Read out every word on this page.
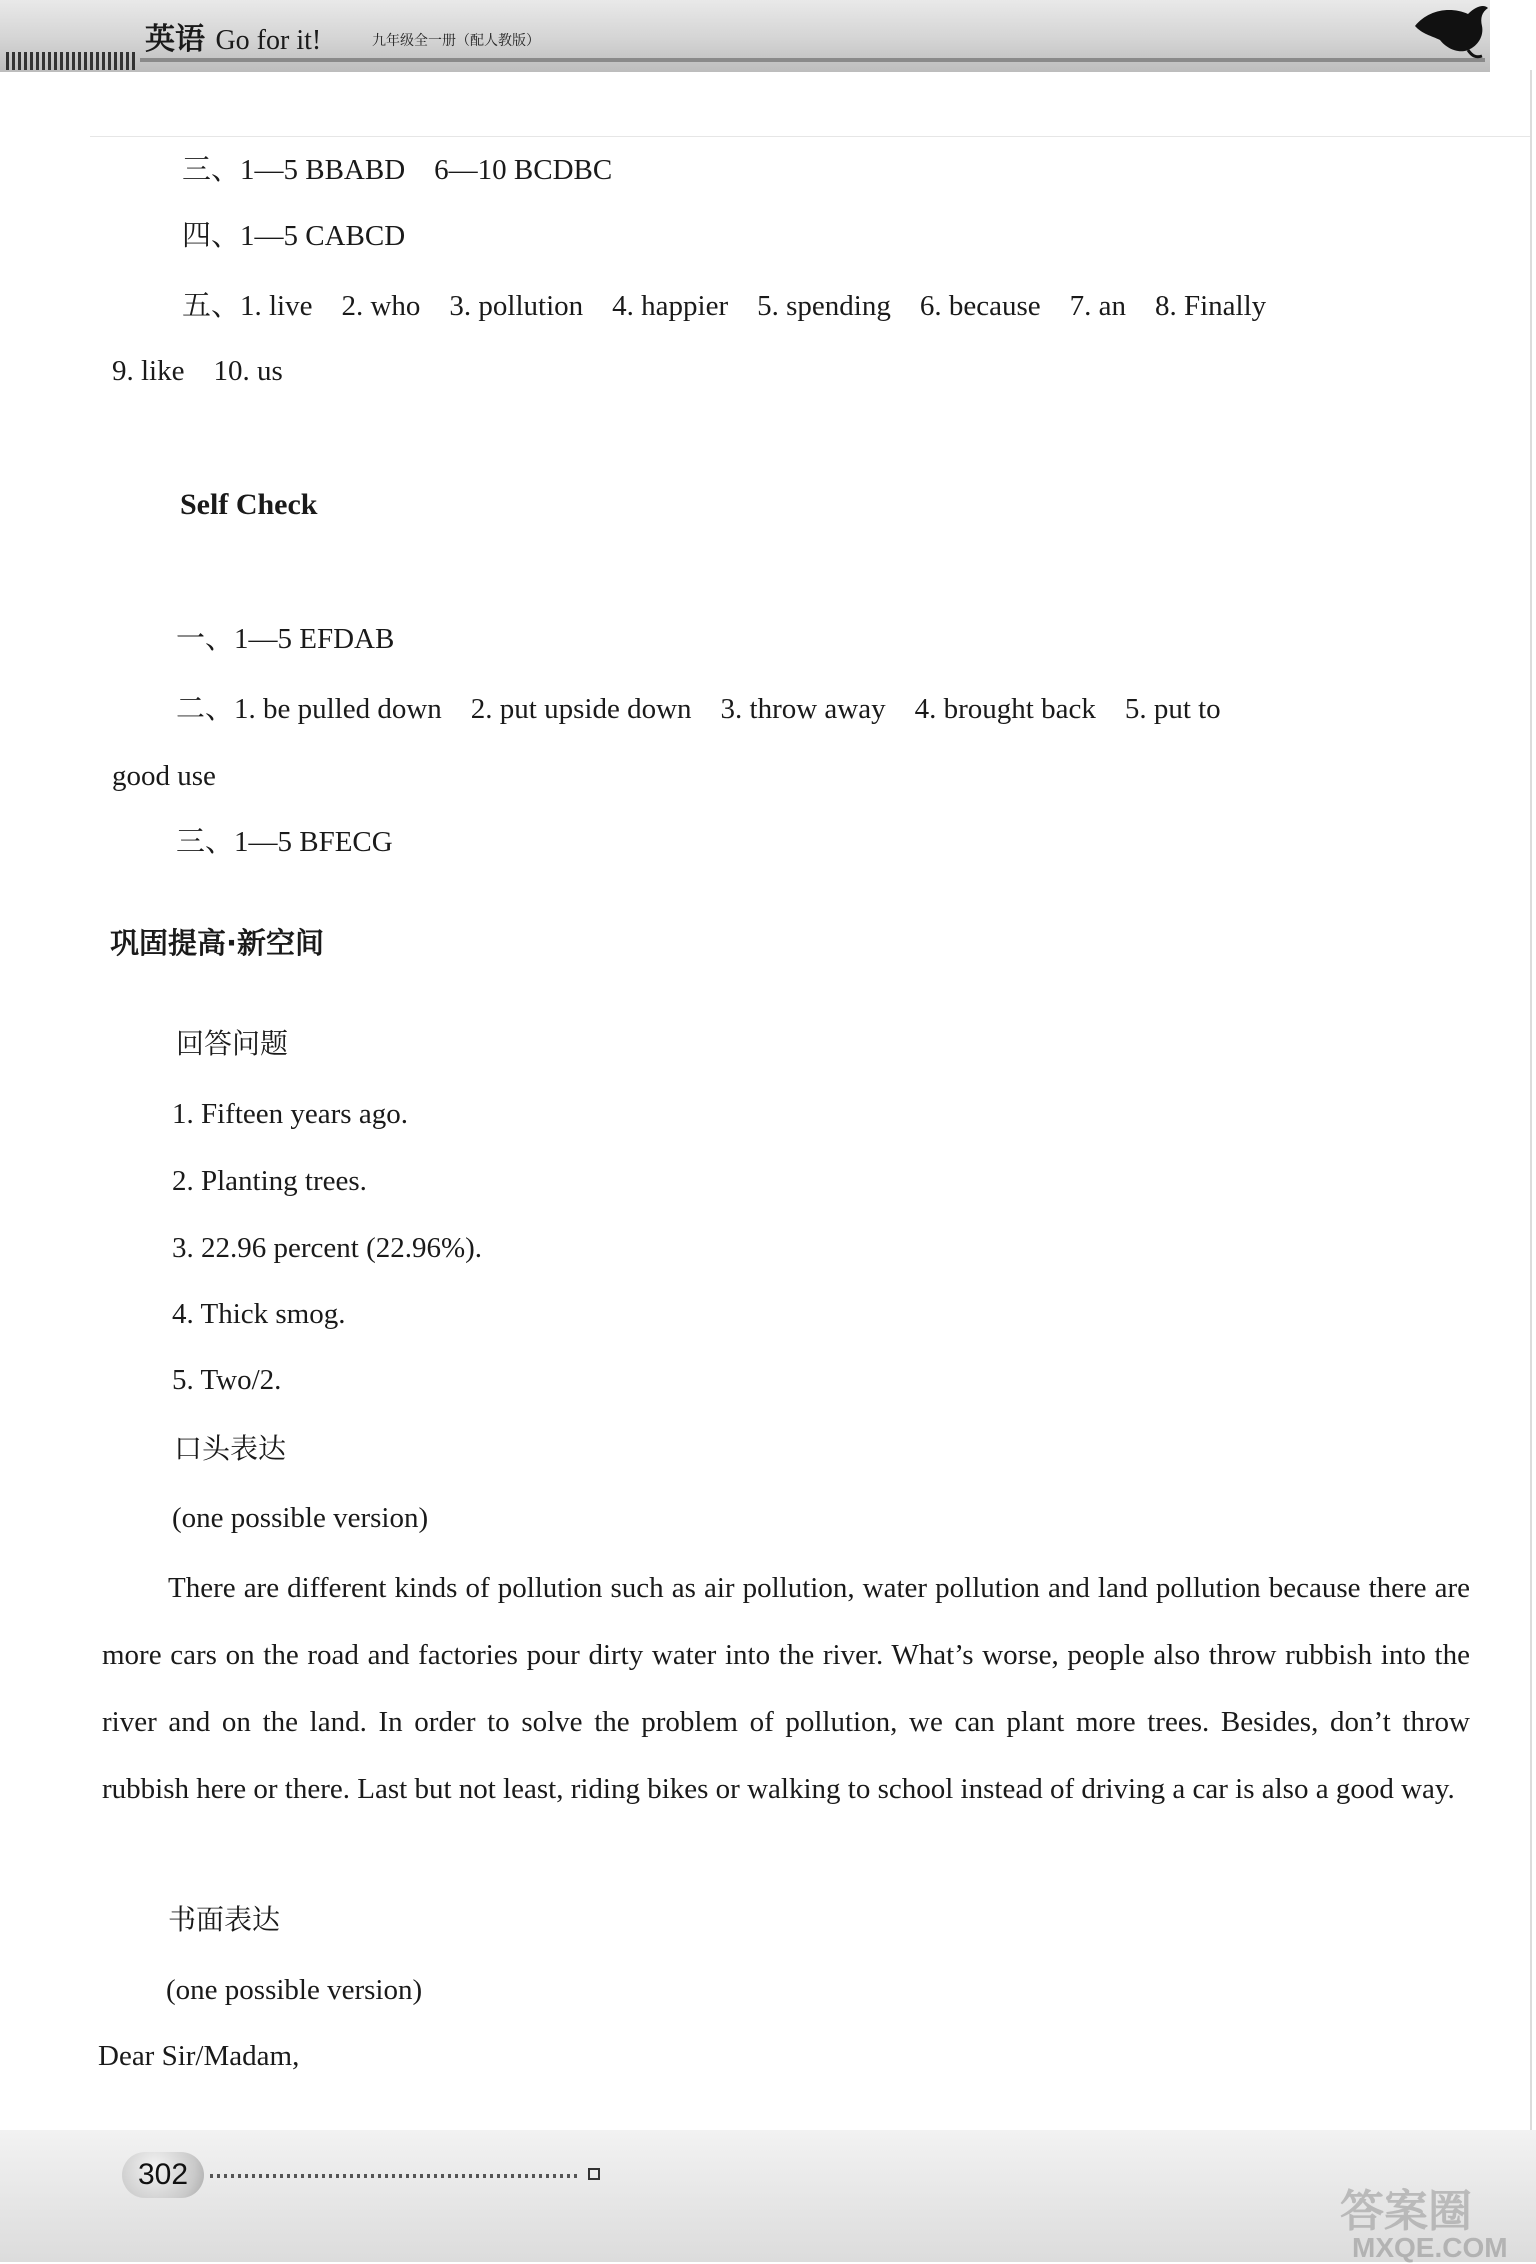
英语 Go for it!	九年级全一册（配人教版）
三、1—5 BBABD　6—10 BCDBC
四、1—5 CABCD
五、1. live　2. who　3. pollution　4. happier　5. spending　6. because　7. an　8. Finally
9. like　10. us
Self Check
一、1—5 EFDAB
二、1. be pulled down　2. put upside down　3. throw away　4. brought back　5. put to
good use
三、1—5 BFECG
巩固提高·新空间
回答问题
1. Fifteen years ago.
2. Planting trees.
3. 22.96 percent (22.96%).
4. Thick smog.
5. Two/2.
口头表达
(one possible version)
There are different kinds of pollution such as air pollution, water pollution and land pollution because there are more cars on the road and factories pour dirty water into the river. What’s worse, people also throw rubbish into the river and on the land. In order to solve the problem of pollution, we can plant more trees. Besides, don’t throw rubbish here or there. Last but not least, riding bikes or walking to school instead of driving a car is also a good way.
书面表达
(one possible version)
Dear Sir/Madam,
302
答案圈
MXQE.COM
